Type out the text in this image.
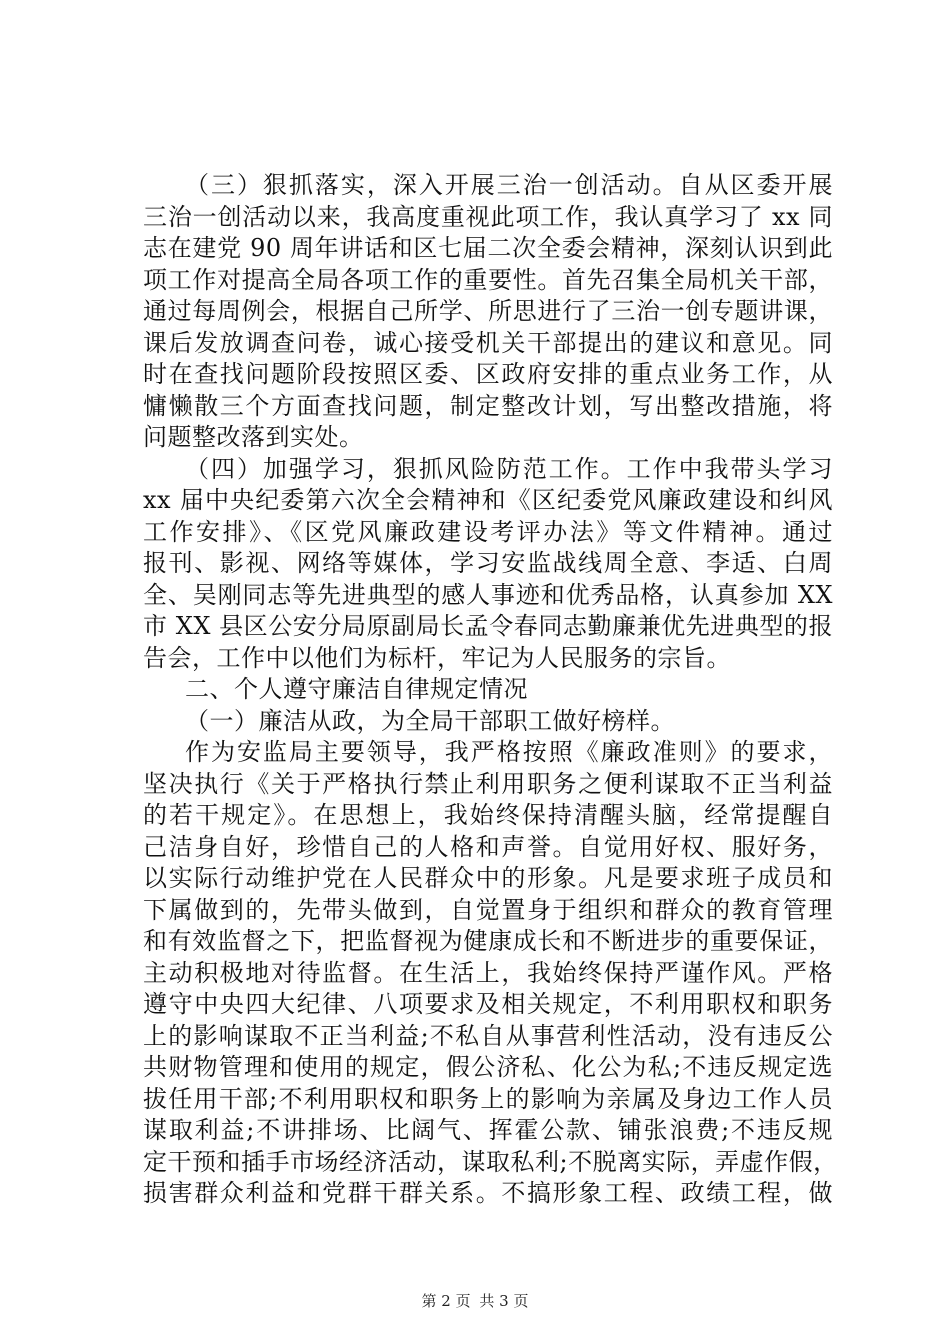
（三）狠抓落实，深入开展三治一创活动。自从区委开展
三治一创活动以来，我高度重视此项工作，我认真学习了 xx 同
志在建党 90 周年讲话和区七届二次全委会精神，深刻认识到此
项工作对提高全局各项工作的重要性。首先召集全局机关干部，
通过每周例会，根据自己所学、所思进行了三治一创专题讲课，
课后发放调查问卷，诚心接受机关干部提出的建议和意见。同
时在查找问题阶段按照区委、区政府安排的重点业务工作，从
慵懒散三个方面查找问题，制定整改计划，写出整改措施，将
问题整改落到实处。
（四）加强学习，狠抓风险防范工作。工作中我带头学习
xx 届中央纪委第六次全会精神和《区纪委党风廉政建设和纠风
工作安排》、《区党风廉政建设考评办法》等文件精神。通过
报刊、影视、网络等媒体，学习安监战线周全意、李适、白周
全、吴刚同志等先进典型的感人事迹和优秀品格，认真参加 XX
市 XX 县区公安分局原副局长孟令春同志勤廉兼优先进典型的报
告会，工作中以他们为标杆，牢记为人民服务的宗旨。
二、个人遵守廉洁自律规定情况
（一）廉洁从政，为全局干部职工做好榜样。
作为安监局主要领导，我严格按照《廉政准则》的要求，
坚决执行《关于严格执行禁止利用职务之便利谋取不正当利益
的若干规定》。在思想上，我始终保持清醒头脑，经常提醒自
己洁身自好，珍惜自己的人格和声誉。自觉用好权、服好务，
以实际行动维护党在人民群众中的形象。凡是要求班子成员和
下属做到的，先带头做到，自觉置身于组织和群众的教育管理
和有效监督之下，把监督视为健康成长和不断进步的重要保证，
主动积极地对待监督。在生活上，我始终保持严谨作风。严格
遵守中央四大纪律、八项要求及相关规定，不利用职权和职务
上的影响谋取不正当利益;不私自从事营利性活动，没有违反公
共财物管理和使用的规定，假公济私、化公为私;不违反规定选
拔任用干部;不利用职权和职务上的影响为亲属及身边工作人员
谋取利益;不讲排场、比阔气、挥霍公款、铺张浪费;不违反规
定干预和插手市场经济活动，谋取私利;不脱离实际，弄虚作假，
损害群众利益和党群干群关系。不搞形象工程、政绩工程，做
第 2 页 共 3 页
